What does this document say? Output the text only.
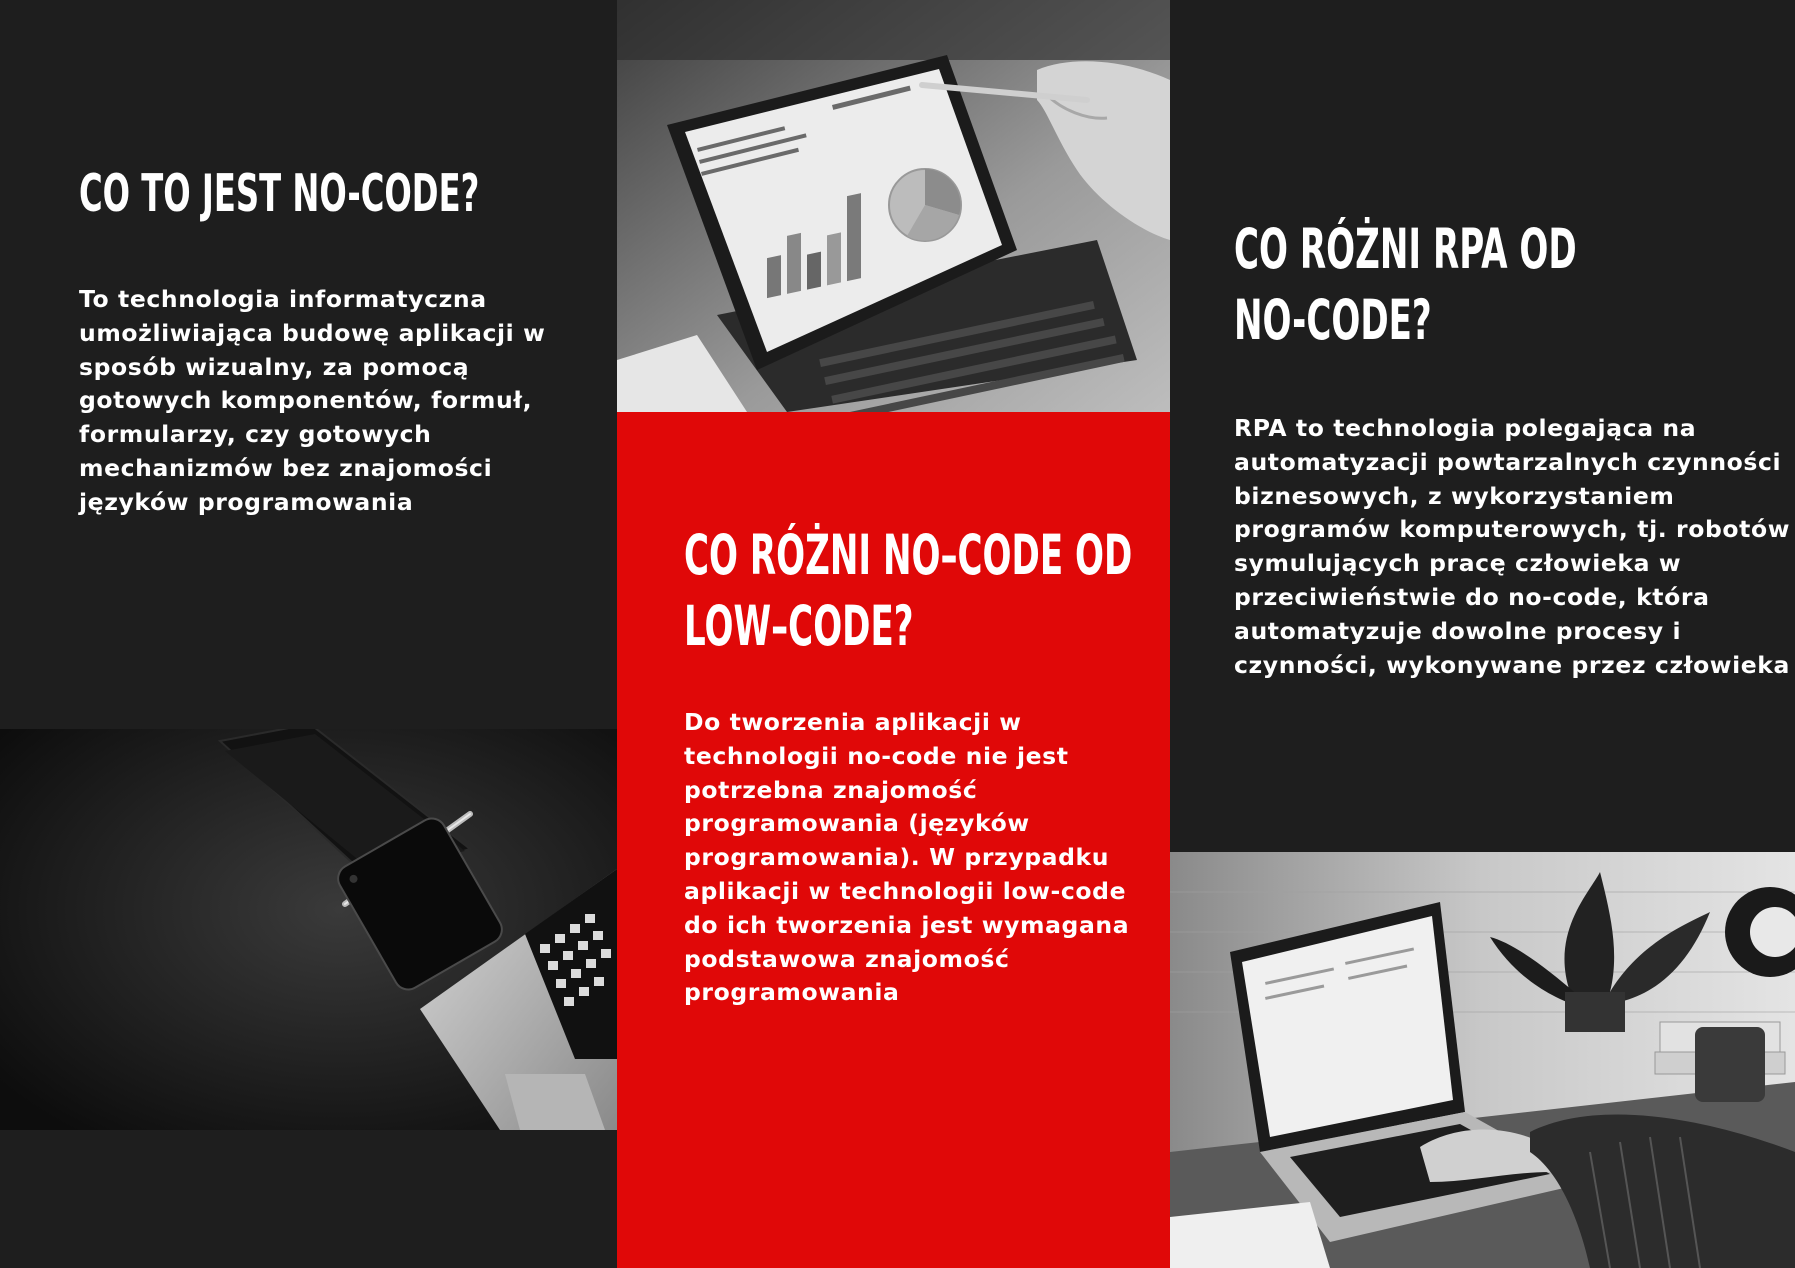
CO TO JEST NO-CODE?

To technologia informatyczna umożliwiająca budowę aplikacji w sposób wizualny, za pomocą gotowych komponentów, formuł, formularzy, czy gotowych mechanizmów bez znajomości języków programowania

CO RÓŻNI NO–CODE OD
LOW–CODE?

Do tworzenia aplikacji w technologii no-code nie jest potrzebna znajomość programowania (języków programowania). W przypadku aplikacji w technologii low-code do ich tworzenia jest wymagana podstawowa znajomość programowania

CO RÓŻNI RPA OD
NO-CODE?

RPA to technologia polegająca na automatyzacji powtarzalnych czynności biznesowych, z wykorzystaniem programów komputerowych, tj. robotów symulujących pracę człowieka w przeciwieństwie do no-code, która automatyzuje dowolne procesy i czynności, wykonywane przez człowieka
